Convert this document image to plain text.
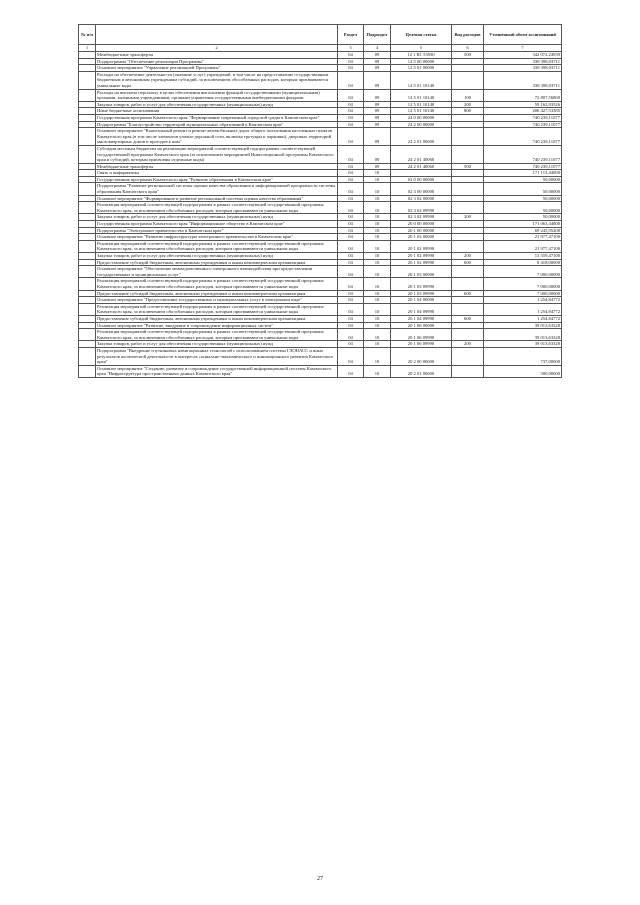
№ п/п		Раздел	Подраздел	Целевая статья	Вид расходов	Уточнённый объем ассигнований
1	2	3	4	5	6	7
	Межбюджетные трансферты	04	09	12 1 R1 53930	500	342 072,24939
	Подпрограмма "Обеспечение реализации Программы"	04	09	12 5 00 00000		338 398,03711
	Основное мероприятие "Управление реализацией Программы"	04	09	12 5 01 00000		338 398,03711
	Расходы на обеспечение деятельности (оказание услуг) учреждений, в том числе на предоставление государственным бюджетным и автономным учреждениям субсидий, за исключением обособленных расходов, которым присваиваются уникальные коды	04	09	12 5 01 10140		338 398,03711
	Расходы на выплаты персоналу в целях обеспечения выполнения функций государственными (муниципальными) органами, казенными учреждениями, органами управления государственными внебюджетными фондами	04	09	12 5 01 10140	100	72 807,56800
	Закупка товаров, работ и услуг для обеспечения государственных (муниципальных) нужд	04	09	12 5 01 10140	200	59 162,93526
	Иные бюджетные ассигнования	04	09	12 5 01 10140	800	206 427,53385
	Государственная программа Камчатского края "Формирование современной городской среды в Камчатском крае"	04	09	24 0 00 00000		740 239,11077
	Подпрограмма "Благоустройство территорий муниципальных образований в Камчатском крае"	04	09	24 2 00 00000		740 239,11077
	Основное мероприятие "Капитальный ремонт и ремонт автомобильных дорог общего пользования населенных пунктов Камчатского края (в том числе элементов улично-дорожной сети, включая тротуары и парковки), дворовых территорий многоквартирных домов и проездов к ним"	04	09	24 2 01 00000		740 239,11077
	Субсидии местным бюджетам на реализацию мероприятий соответствующей подпрограммы соответствующей государственной программы Камчатского края (за исключением мероприятий Инвестиционной программы Камчатского края и субсидий, которым присвоены отдельные коды)	04	09	24 2 01 40060		740 239,11077
	Межбюджетные трансферты	04	09	24 2 01 40060	500	740 239,11077
	Связь и информатика	04	10			171 113,44800
	Государственная программа Камчатского края "Развитие образования в Камчатском крае"	04	10	02 0 00 00000		50,00000
	Подпрограмма "Развитие региональной системы оценки качества образования и информационной прозрачности системы образования Камчатского края"	04	10	02 3 00 00000		50,00000
	Основное мероприятие "Формирование и развитие региональной системы оценки качества образования"	04	10	02 3 02 00000		50,00000
	Реализация мероприятий соответствующей подпрограммы в рамках соответствующей государственной программы Камчатского края, за исключением обособленных расходов, которым присваиваются уникальные коды	04	10	02 3 02 09990		50,00000
	Закупка товаров, работ и услуг для обеспечения государственных (муниципальных) нужд	04	10	02 3 02 09990	200	50,00000
	Государственная программа Камчатского края "Информационное общество в Камчатском крае"	04	10	20 0 00 00000		171 063,44800
	Подпрограмма "Электронное правительство в Камчатском крае"	04	10	20 1 00 00000		69 245,95200
	Основное мероприятие "Развитие инфраструктуры электронного правительства в Камчатском крае"	04	10	20 1 02 00000		21 977,47100
	Реализация мероприятий соответствующей подпрограммы в рамках соответствующей государственной программы Камчатского края, за исключением обособленных расходов, которым присваиваются уникальные коды	04	10	20 1 02 09990		21 977,47100
	Закупка товаров, работ и услуг для обеспечения государственных (муниципальных) нужд	04	10	20 1 02 09990	200	13 559,47100
	Предоставление субсидий бюджетным, автономным учреждениям и иным некоммерческим организациям	04	10	20 1 02 09990	600	8 418,00000
	Основное мероприятие "Обеспечение межведомственного электронного взаимодействия при предоставлении государственных и муниципальных услуг"	04	10	20 1 03 00000		7 000,00000
	Реализация мероприятий соответствующей подпрограммы в рамках соответствующей государственной программы Камчатского края, за исключением обособленных расходов, которым присваиваются уникальные коды	04	10	20 1 03 09990		7 000,00000
	Предоставление субсидий бюджетным, автономным учреждениям и иным некоммерческим организациям	04	10	20 1 03 09990	600	7 000,00000
	Основное мероприятие "Предоставление государственных и муниципальных услуг в электронном виде"	04	10	20 1 04 00000		1 254,84772
	Реализация мероприятий соответствующей подпрограммы в рамках соответствующей государственной программы Камчатского края, за исключением обособленных расходов, которым присваиваются уникальные коды	04	10	20 1 04 09990		1 254,84772
	Предоставление субсидий бюджетным, автономным учреждениям и иным некоммерческим организациям	04	10	20 1 04 09990	600	1 254,84772
	Основное мероприятие "Развитие, внедрение и сопровождение информационных систем"	04	10	20 1 06 00000		39 013,63328
	Реализация мероприятий соответствующей подпрограммы в рамках соответствующей государственной программы Камчатского края, за исключением обособленных расходов, которым присваиваются уникальные коды	04	10	20 1 06 09990		39 013,63328
	Закупка товаров, работ и услуг для обеспечения государственных (муниципальных) нужд	04	10	20 1 06 09990	200	39 013,63328
	Подпрограмма "Внедрение спутниковых навигационных технологий с использованием системы ГЛОНАСС и иных результатов космической деятельности в интересах социально-экономического и инновационного развития Камчатского края"	04	10	20 2 00 00000		737,00000
	Основное мероприятие "Создание, развитие и сопровождение государственной информационной системы Камчатского края "Инфраструктура пространственных данных Камчатского края"	04	10	20 2 01 00000		500,00000
27
